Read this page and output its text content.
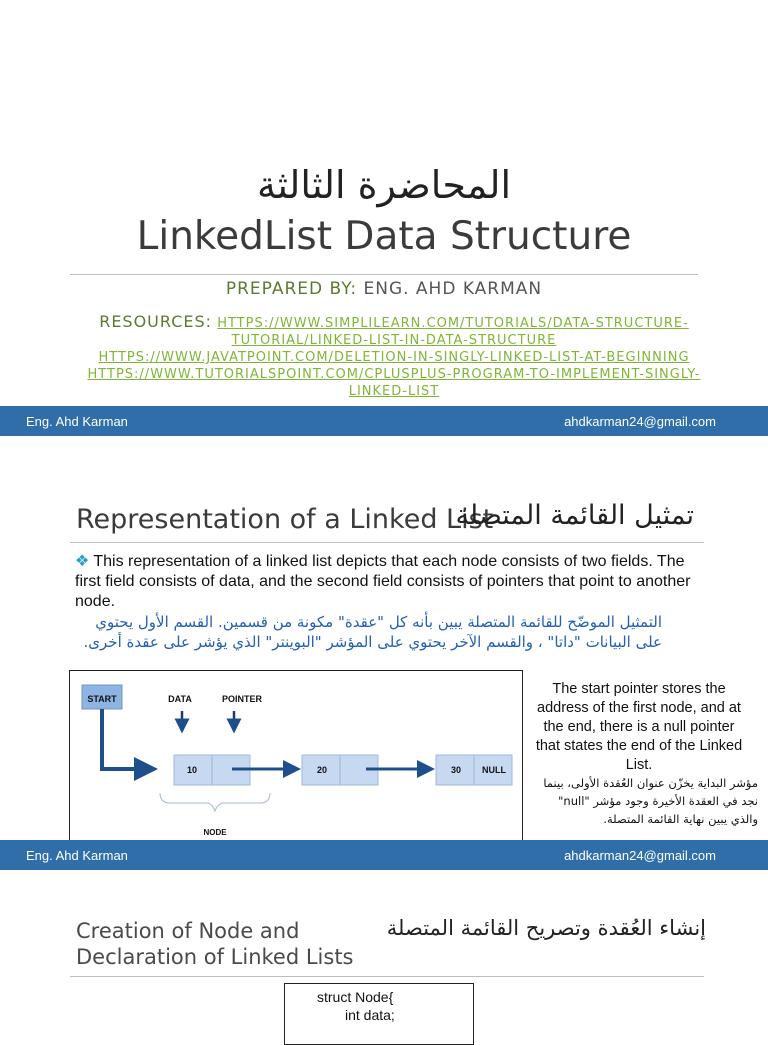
المحاضرة الثالثة
LinkedList Data Structure
PREPARED BY: ENG. AHD KARMAN
RESOURCES: HTTPS://WWW.SIMPLILEARN.COM/TUTORIALS/DATA-STRUCTURE-TUTORIAL/LINKED-LIST-IN-DATA-STRUCTURE
HTTPS://WWW.JAVATPOINT.COM/DELETION-IN-SINGLY-LINKED-LIST-AT-BEGINNING
HTTPS://WWW.TUTORIALSPOINT.COM/CPLUSPLUS-PROGRAM-TO-IMPLEMENT-SINGLY-LINKED-LIST
Eng. Ahd Karman	ahdkarman24@gmail.com
Representation of a Linked List
تمثيل القائمة المتصلة
❖ This representation of a linked list depicts that each node consists of two fields. The first field consists of data, and the second field consists of pointers that point to another node.
التمثيل الموضّح للقائمة المتصلة يبين بأنه كل "عقدة" مكونة من قسمين. القسم الأول يحتوي على البيانات "داتا" ، والقسم الآخر يحتوي على المؤشر "البوينتر" الذي يؤشر على عقدة أخرى.
START	DATA	POINTER
10	20	30 NULL
NODE
The start pointer stores the address of the first node, and at the end, there is a null pointer that states the end of the Linked List.
مؤشر البداية يخزّن عنوان العُقدة الأولى، بينما نجد في العقدة الأخيرة وجود مؤشر "null" والذي يبين نهاية القائمة المتصلة.
Eng. Ahd Karman	ahdkarman24@gmail.com
Creation of Node and Declaration of Linked Lists
إنشاء العُقدة وتصريح القائمة المتصلة
struct Node{
int data;
